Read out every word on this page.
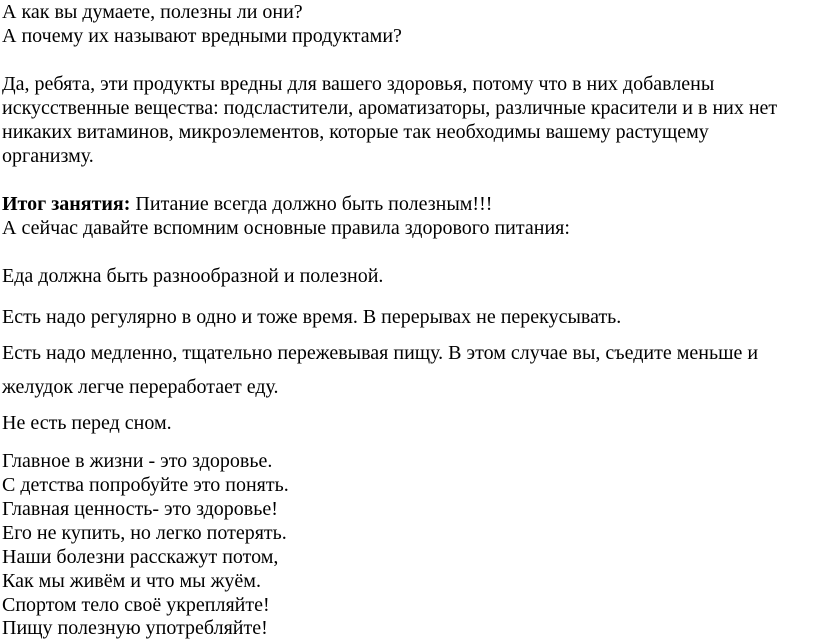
А как вы думаете, полезны ли они?
А почему их называют вредными продуктами?
Да, ребята, эти продукты вредны для вашего здоровья, потому что в них добавлены
искусственные вещества: подсластители, ароматизаторы, различные красители и в них нет
никаких витаминов, микроэлементов, которые так необходимы вашему растущему
организму.
Итог занятия: Питание всегда должно быть полезным!!!
А сейчас давайте вспомним основные правила здорового питания:
Еда должна быть разнообразной и полезной.
Есть надо регулярно в одно и тоже время. В перерывах не перекусывать.
Есть надо медленно, тщательно пережевывая пищу. В этом случае вы, съедите меньше и
желудок легче переработает еду.
Не есть перед сном.
Главное в жизни - это здоровье.
С детства попробуйте это понять.
Главная ценность- это здоровье!
Его не купить, но легко потерять.
Наши болезни расскажут потом,
Как мы живём и что мы жуём.
Спортом тело своё укрепляйте!
Пищу полезную употребляйте!
